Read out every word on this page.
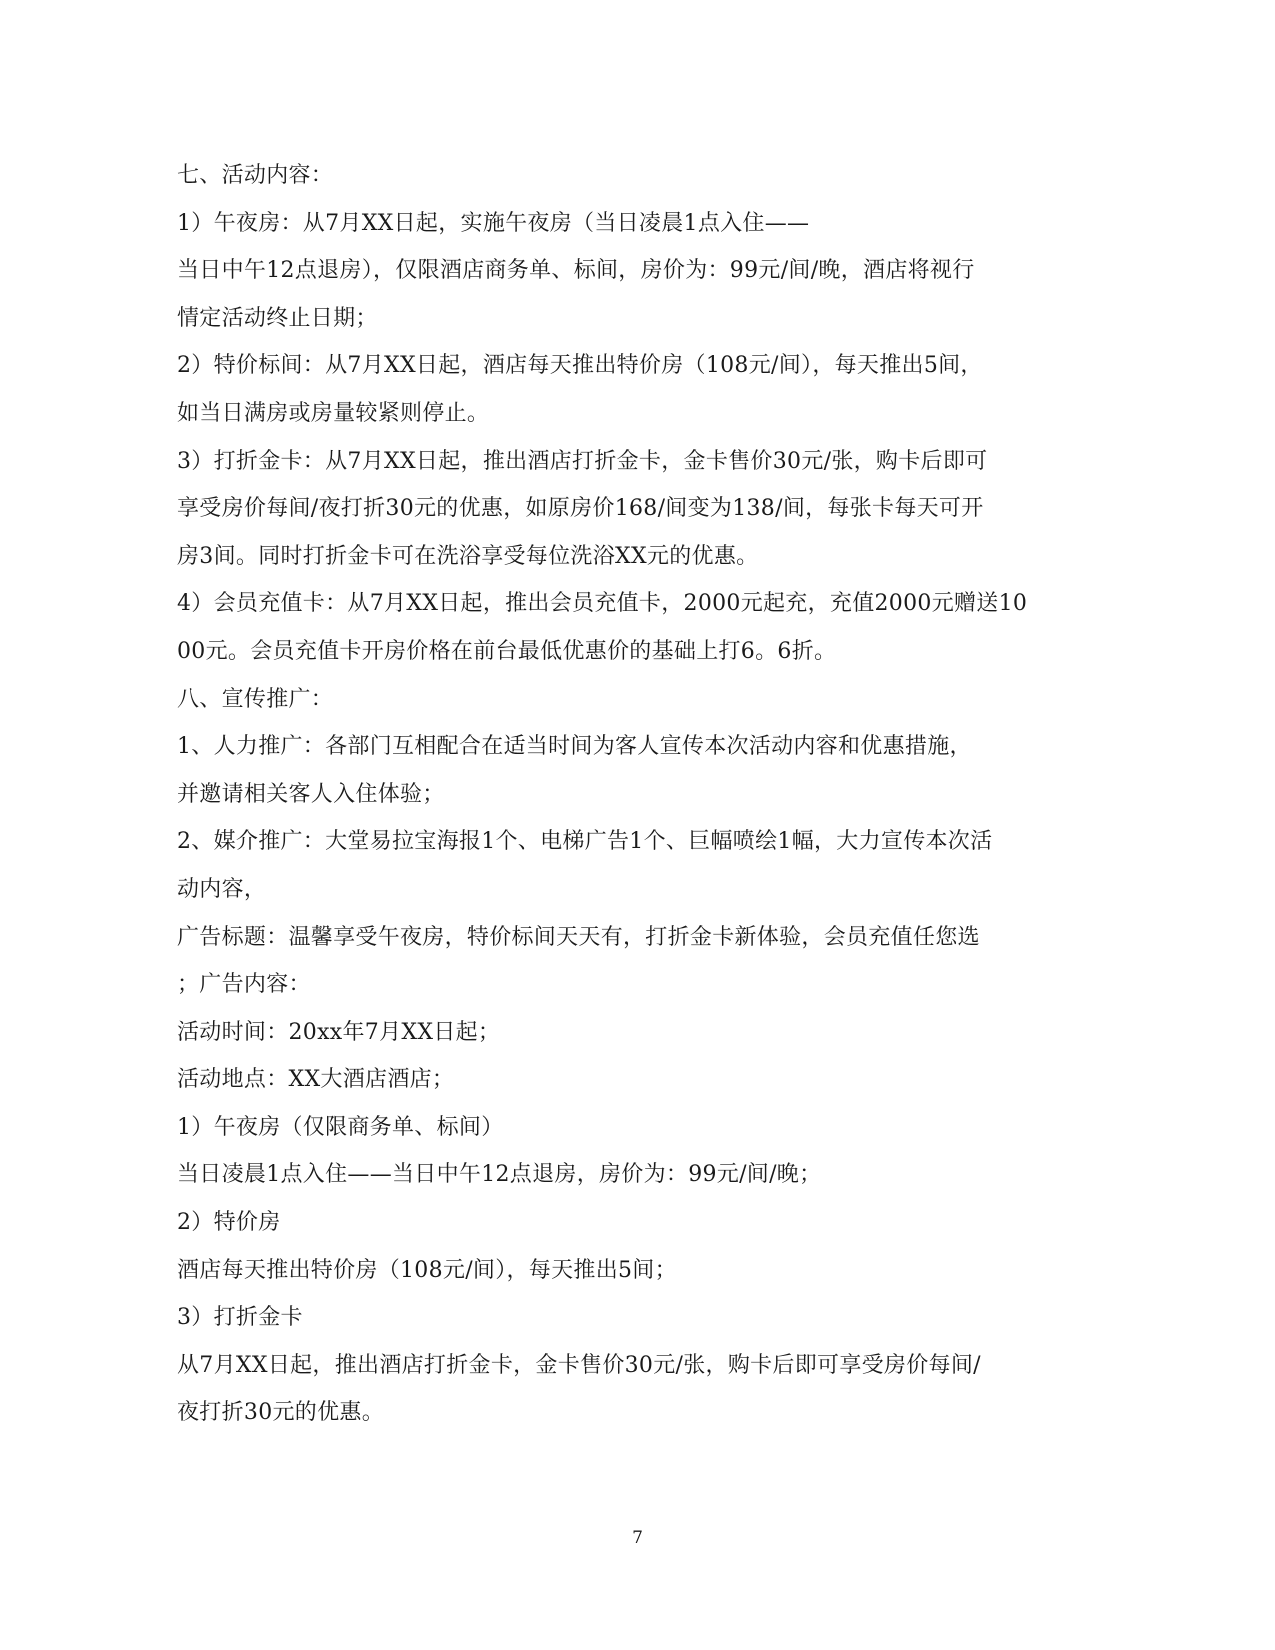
七、活动内容：
1）午夜房：从7月XX日起，实施午夜房（当日凌晨1点入住——
当日中午12点退房），仅限酒店商务单、标间，房价为：99元/间/晚，酒店将视行
情定活动终止日期；
2）特价标间：从7月XX日起，酒店每天推出特价房（108元/间），每天推出5间，
如当日满房或房量较紧则停止。
3）打折金卡：从7月XX日起，推出酒店打折金卡，金卡售价30元/张，购卡后即可
享受房价每间/夜打折30元的优惠，如原房价168/间变为138/间，每张卡每天可开
房3间。同时打折金卡可在洗浴享受每位洗浴XX元的优惠。
4）会员充值卡：从7月XX日起，推出会员充值卡，2000元起充，充值2000元赠送10
00元。会员充值卡开房价格在前台最低优惠价的基础上打6。6折。
八、宣传推广：
1、人力推广：各部门互相配合在适当时间为客人宣传本次活动内容和优惠措施，
并邀请相关客人入住体验；
2、媒介推广：大堂易拉宝海报1个、电梯广告1个、巨幅喷绘1幅，大力宣传本次活
动内容，
广告标题：温馨享受午夜房，特价标间天天有，打折金卡新体验，会员充值任您选
；广告内容：
活动时间：20xx年7月XX日起；
活动地点：XX大酒店酒店；
1）午夜房（仅限商务单、标间）
当日凌晨1点入住——当日中午12点退房，房价为：99元/间/晚；
2）特价房
酒店每天推出特价房（108元/间），每天推出5间；
3）打折金卡
从7月XX日起，推出酒店打折金卡，金卡售价30元/张，购卡后即可享受房价每间/
夜打折30元的优惠。
7
